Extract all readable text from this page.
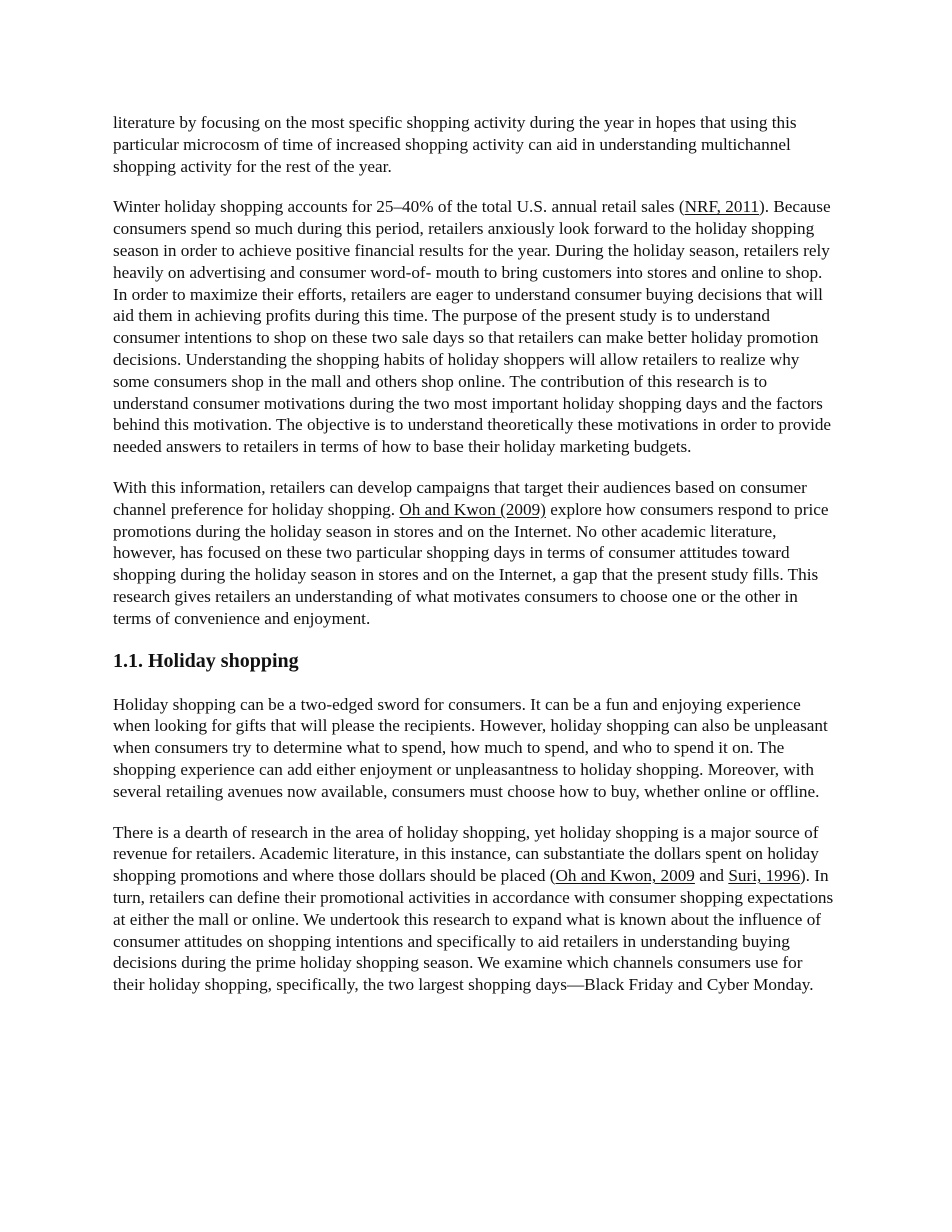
literature by focusing on the most specific shopping activity during the year in hopes that using this particular microcosm of time of increased shopping activity can aid in understanding multichannel shopping activity for the rest of the year.

Winter holiday shopping accounts for 25–40% of the total U.S. annual retail sales (NRF, 2011). Because consumers spend so much during this period, retailers anxiously look forward to the holiday shopping season in order to achieve positive financial results for the year. During the holiday season, retailers rely heavily on advertising and consumer word-of- mouth to bring customers into stores and online to shop. In order to maximize their efforts, retailers are eager to understand consumer buying decisions that will aid them in achieving profits during this time. The purpose of the present study is to understand consumer intentions to shop on these two sale days so that retailers can make better holiday promotion decisions. Understanding the shopping habits of holiday shoppers will allow retailers to realize why some consumers shop in the mall and others shop online. The contribution of this research is to understand consumer motivations during the two most important holiday shopping days and the factors behind this motivation. The objective is to understand theoretically these motivations in order to provide needed answers to retailers in terms of how to base their holiday marketing budgets.

With this information, retailers can develop campaigns that target their audiences based on consumer channel preference for holiday shopping. Oh and Kwon (2009) explore how consumers respond to price promotions during the holiday season in stores and on the Internet. No other academic literature, however, has focused on these two particular shopping days in terms of consumer attitudes toward shopping during the holiday season in stores and on the Internet, a gap that the present study fills. This research gives retailers an understanding of what motivates consumers to choose one or the other in terms of convenience and enjoyment.

1.1. Holiday shopping

Holiday shopping can be a two-edged sword for consumers. It can be a fun and enjoying experience when looking for gifts that will please the recipients. However, holiday shopping can also be unpleasant when consumers try to determine what to spend, how much to spend, and who to spend it on. The shopping experience can add either enjoyment or unpleasantness to holiday shopping. Moreover, with several retailing avenues now available, consumers must choose how to buy, whether online or offline.

There is a dearth of research in the area of holiday shopping, yet holiday shopping is a major source of revenue for retailers. Academic literature, in this instance, can substantiate the dollars spent on holiday shopping promotions and where those dollars should be placed (Oh and Kwon, 2009 and Suri, 1996). In turn, retailers can define their promotional activities in accordance with consumer shopping expectations at either the mall or online. We undertook this research to expand what is known about the influence of consumer attitudes on shopping intentions and specifically to aid retailers in understanding buying decisions during the prime holiday shopping season. We examine which channels consumers use for their holiday shopping, specifically, the two largest shopping days—Black Friday and Cyber Monday.
